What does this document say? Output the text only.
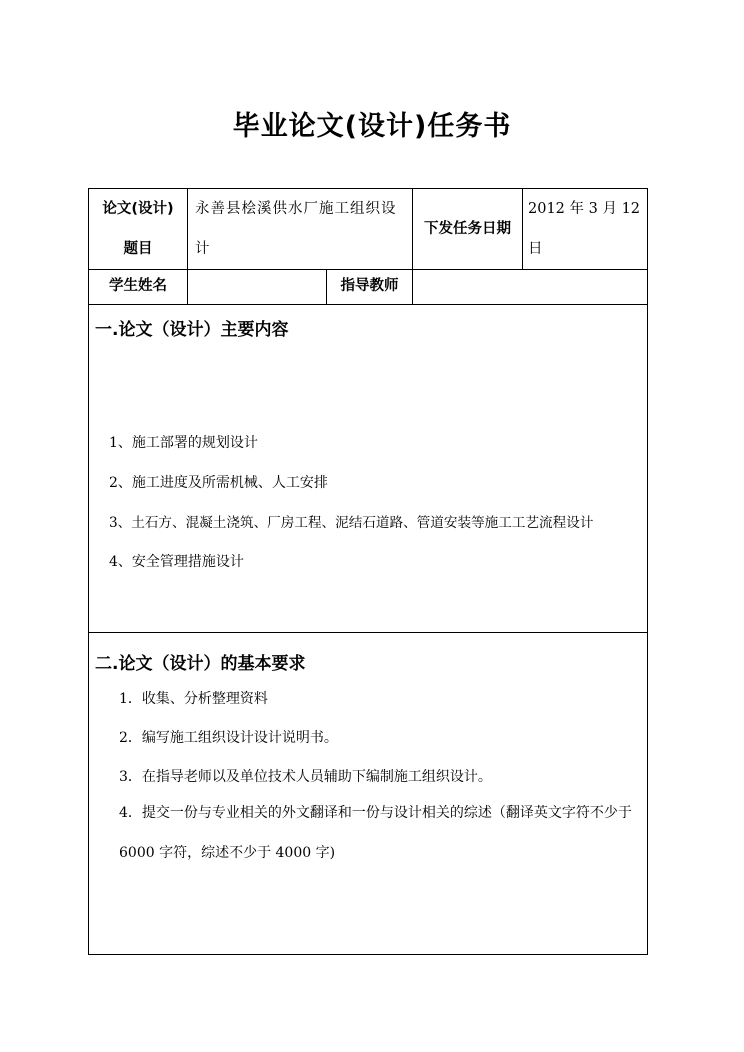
毕业论文(设计)任务书
论文(设计)
题目
永善县桧溪供水厂施工组织设计
下发任务日期
2012 年 3 月 12 日
学生姓名	指导教师
一.论文（设计）主要内容
1、施工部署的规划设计
2、施工进度及所需机械、人工安排
3、土石方、混凝土浇筑、厂房工程、泥结石道路、管道安装等施工工艺流程设计
4、安全管理措施设计
二.论文（设计）的基本要求
1．收集、分析整理资料
2．编写施工组织设计设计说明书。
3．在指导老师以及单位技术人员辅助下编制施工组织设计。
4．提交一份与专业相关的外文翻译和一份与设计相关的综述（翻译英文字符不少于 6000 字符，综述不少于 4000 字)
